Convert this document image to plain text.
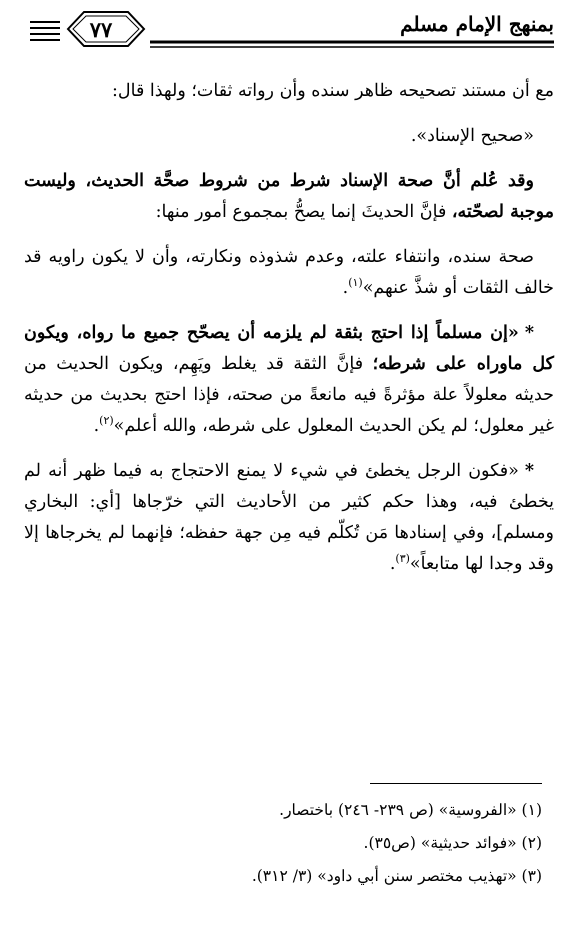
٧٧	بمنهج الإمام مسلم

مع أن مستند تصحيحه ظاهر سنده وأن رواته ثقات؛ ولهذا قال:

«صحيح الإسناد».

وقد عُلم أنَّ صحة الإسناد شرط من شروط صحَّة الحديث، وليست موجبة لصحّته، فإنَّ الحديثَ إنما يصحُّ بمجموع أمور منها:

صحة سنده، وانتفاء علته، وعدم شذوذه ونكارته، وأن لا يكون راويه قد خالف الثقات أو شذَّ عنهم»$^{(١)}$.

*«إن مسلماً إذا احتج بثقة لم يلزمه أن يصحّح جميع ما رواه، ويكون كل ماوراه على شرطه؛ فإنَّ الثقة قد يغلط ويَهِم، ويكون الحديث من حديثه معلولاً علة مؤثرةً فيه مانعةً من صحته، فإذا احتج بحديث من حديثه غير معلول؛ لم يكن الحديث المعلول على شرطه، والله أعلم»$^{(٢)}$.

*«فكون الرجل يخطئ في شيء لا يمنع الاحتجاج به فيما ظهر أنه لم يخطئ فيه، وهذا حكم كثير من الأحاديث التي خرّجاها [أي: البخاري ومسلم]، وفي إسنادها مَن تُكلّم فيه مِن جهة حفظه؛ فإنهما لم يخرجاها إلا وقد وجدا لها متابعاً»$^{(٣)}$.

(١) «الفروسية» (ص ٢٣٩- ٢٤٦) باختصار.
(٢) «فوائد حديثية» (ص٣٥).
(٣) «تهذيب مختصر سنن أبي داود» (٣/ ٣١٢).
